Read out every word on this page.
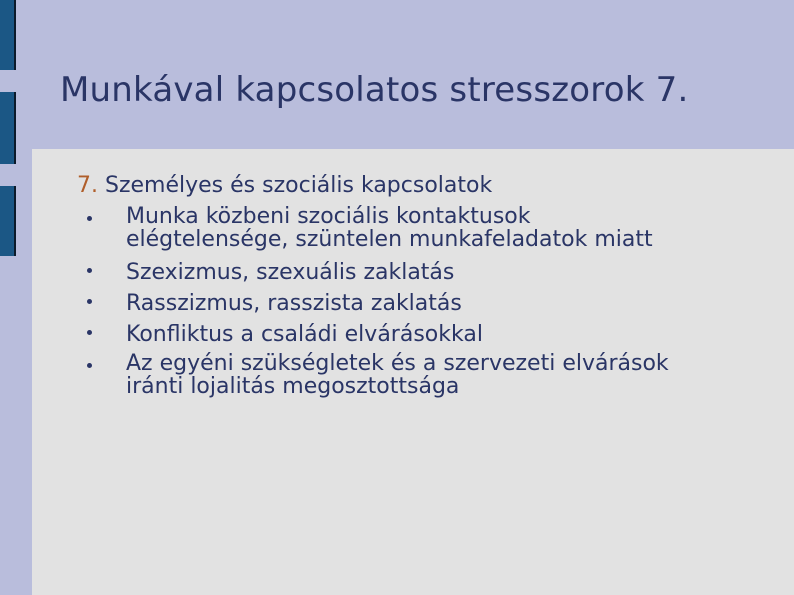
Munkával kapcsolatos stresszorok 7.
7. Személyes és szociális kapcsolatok
Munka közbeni szociális kontaktusok elégtelensége, szüntelen munkafeladatok miatt
Szexizmus, szexuális zaklatás
Rasszizmus, rasszista zaklatás
Konfliktus a családi elvárásokkal
Az egyéni szükségletek és a szervezeti elvárások iránti lojalitás megosztottsága
